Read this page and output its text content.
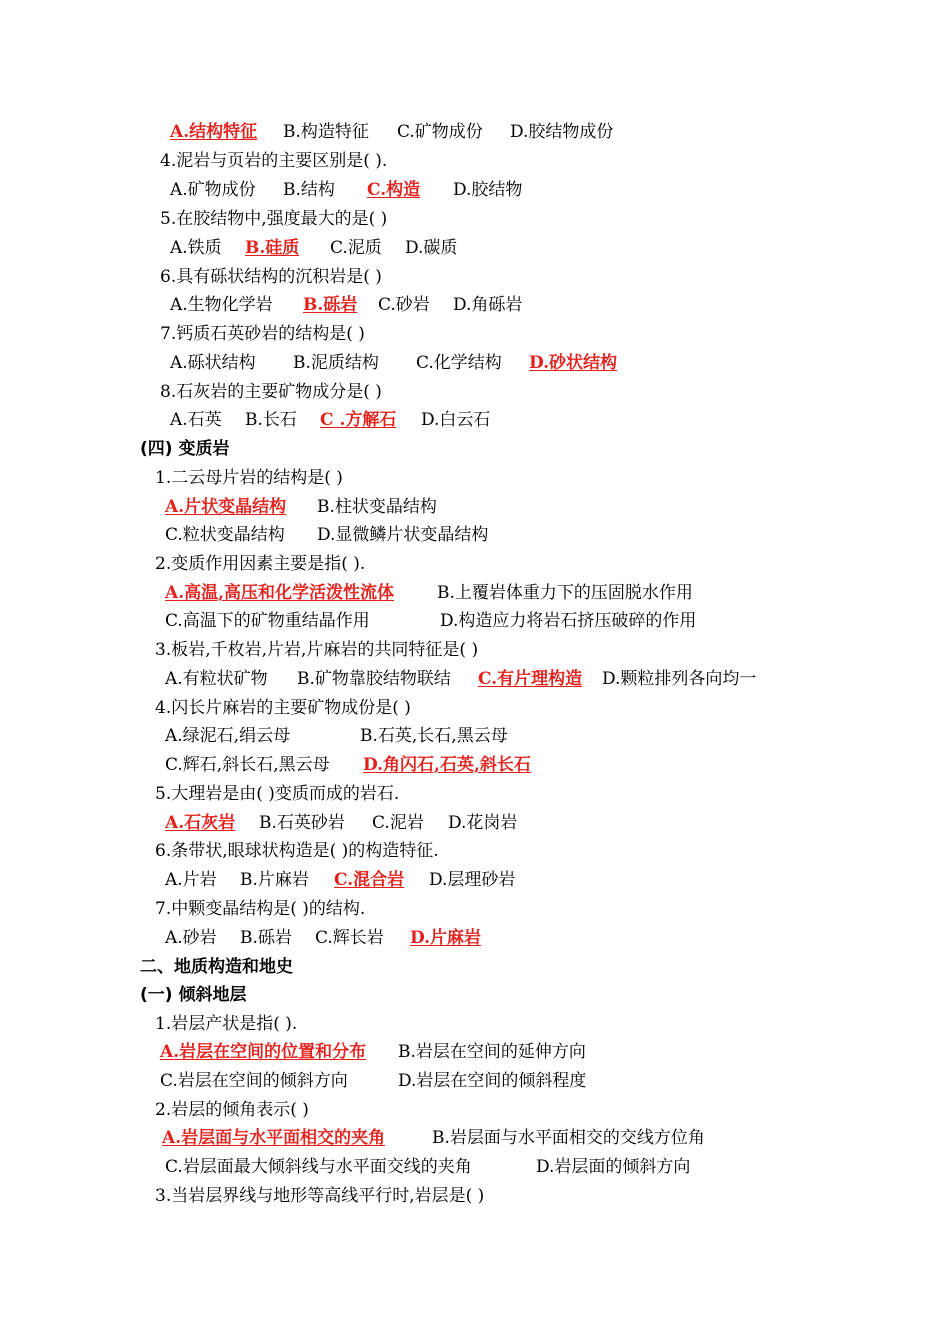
A.结构特征 B.构造特征 C.矿物成份 D.胶结物成份
4.泥岩与页岩的主要区别是( ).
A.矿物成份 B.结构 C.构造 D.胶结物
5.在胶结物中,强度最大的是( )
A.铁质 B.硅质 C.泥质 D.碳质
6.具有砾状结构的沉积岩是( )
A.生物化学岩 B.砾岩 C.砂岩 D.角砾岩
7.钙质石英砂岩的结构是( )
A.砾状结构 B.泥质结构 C.化学结构 D.砂状结构
8.石灰岩的主要矿物成分是( )
A.石英 B.长石 C .方解石 D.白云石
(四) 变质岩
1.二云母片岩的结构是( )
A.片状变晶结构 B.柱状变晶结构
C.粒状变晶结构 D.显微鳞片状变晶结构
2.变质作用因素主要是指( ).
A.高温,高压和化学活泼性流体	B.上覆岩体重力下的压固脱水作用
C.高温下的矿物重结晶作用	D.构造应力将岩石挤压破碎的作用
3.板岩,千枚岩,片岩,片麻岩的共同特征是( )
A.有粒状矿物 B.矿物靠胶结物联结 C.有片理构造 D.颗粒排列各向均一
4.闪长片麻岩的主要矿物成份是( )
A.绿泥石,绢云母	B.石英,长石,黑云母
C.辉石,斜长石,黑云母 D.角闪石,石英,斜长石
5.大理岩是由( )变质而成的岩石.
A.石灰岩 B.石英砂岩 C.泥岩 D.花岗岩
6.条带状,眼球状构造是( )的构造特征.
A.片岩 B.片麻岩 C.混合岩 D.层理砂岩
7.中颗变晶结构是( )的结构.
A.砂岩 B.砾岩 C.辉长岩 D.片麻岩
二、地质构造和地史
(一) 倾斜地层
1.岩层产状是指( ).
A.岩层在空间的位置和分布 B.岩层在空间的延伸方向
C.岩层在空间的倾斜方向	D.岩层在空间的倾斜程度
2.岩层的倾角表示( )
A.岩层面与水平面相交的夹角	B.岩层面与水平面相交的交线方位角
C.岩层面最大倾斜线与水平面交线的夹角	D.岩层面的倾斜方向
3.当岩层界线与地形等高线平行时,岩层是( )
